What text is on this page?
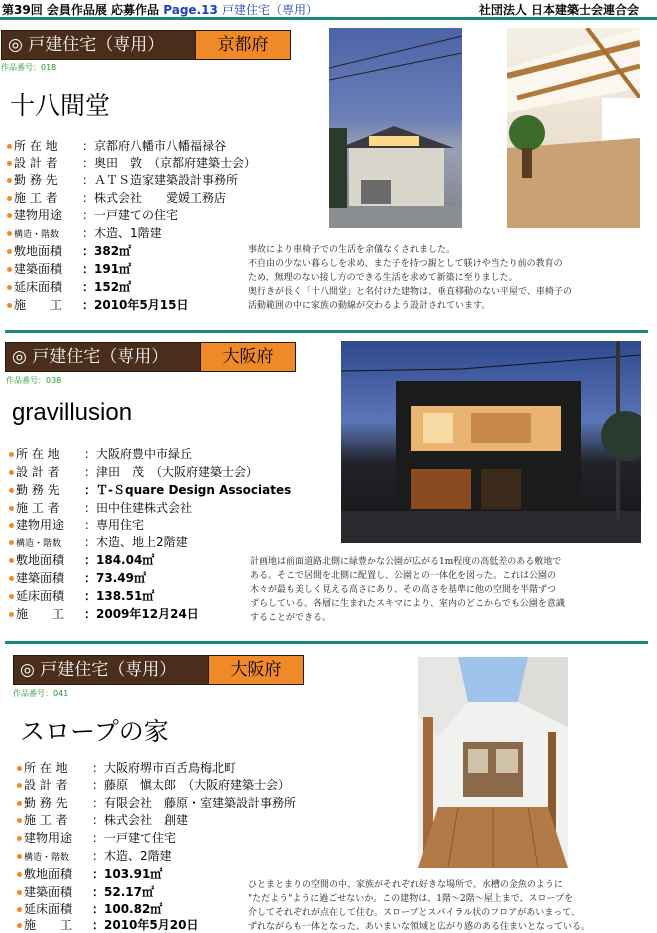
第39回 会員作品展 応募作品 Page.13 戸建住宅（専用）	社団法人 日本建築士会連合会
◎ 戸建住宅（専用）	京都府
作品番号：018
十八間堂
所 在 地 ：京都府八幡市八幡福禄谷
設 計 者 ：奥田　敦　（京都府建築士会）
勤 務 先 ：ＡＴＳ造家建築設計事務所
施 工 者 ：株式会社　　愛媛工務店
建物用途 ：一戸建ての住宅
構造・階数 ：木造、1階建
敷地面積 ：382㎡
建築面積 ：191㎡
延床面積 ：152㎡
施　　工 ：2010年5月15日
事故により車椅子での生活を余儀なくされました。
不自由の少ない暮らしを求め、また子を持つ親として躾けや当たり前の教育の
ため、無理のない接し方のできる生活を求めて新築に至りました。
奥行きが長く「十八間堂」と名付けた建物は、垂直移動のない平屋で、車椅子の
活動範囲の中に家族の動線が交わるよう設計されています。
◎ 戸建住宅（専用）	大阪府
作品番号：038
gravillusion
所 在 地 ：大阪府豊中市緑丘
設 計 者 ：津田　茂　（大阪府建築士会）
勤 務 先 ：Ｔ-Ｓquare Design Associates
施 工 者 ：田中住建株式会社
建物用途 ：専用住宅
構造・階数 ：木造、地上2階建
敷地面積 ：184.04㎡
建築面積 ：73.49㎡
延床面積 ：138.51㎡
施　　工 ：2009年12月24日
計画地は前面道路北側に緑豊かな公園が広がる1m程度の高低差のある敷地で
ある。そこで居間を北側に配置し、公園との一体化を図った。これは公園の
木々が最も美しく見える高さにあり、その高さを基準に他の空間を半階ずつ
ずらしている。各層に生まれたスキマにより、室内のどこからでも公園を意識
することができる。
◎ 戸建住宅（専用）	大阪府
作品番号：041
スロープの家
所 在 地 ：大阪府堺市百舌鳥梅北町
設 計 者 ：藤原　愼太郎　（大阪府建築士会）
勤 務 先 ：有限会社　藤原・室建築設計事務所
施 工 者 ：株式会社　創建
建物用途 ：一戸建て住宅
構造・階数 ：木造、2階建
敷地面積 ：103.91㎡
建築面積 ：52.17㎡
延床面積 ：100.82㎡
施　　工 ：2010年5月20日
ひとまとまりの空間の中、家族がそれぞれ好きな場所で、水槽の金魚のように
"ただよう"ように過ごせないか。この建物は、1階～2階～屋上まで、スロープを
介してそれぞれが点在して住む。スロープとスパイラル状のフロアがあいまって、
ずれながらも一体となった、あいまいな領域と広がり感のある住まいとなっている。
